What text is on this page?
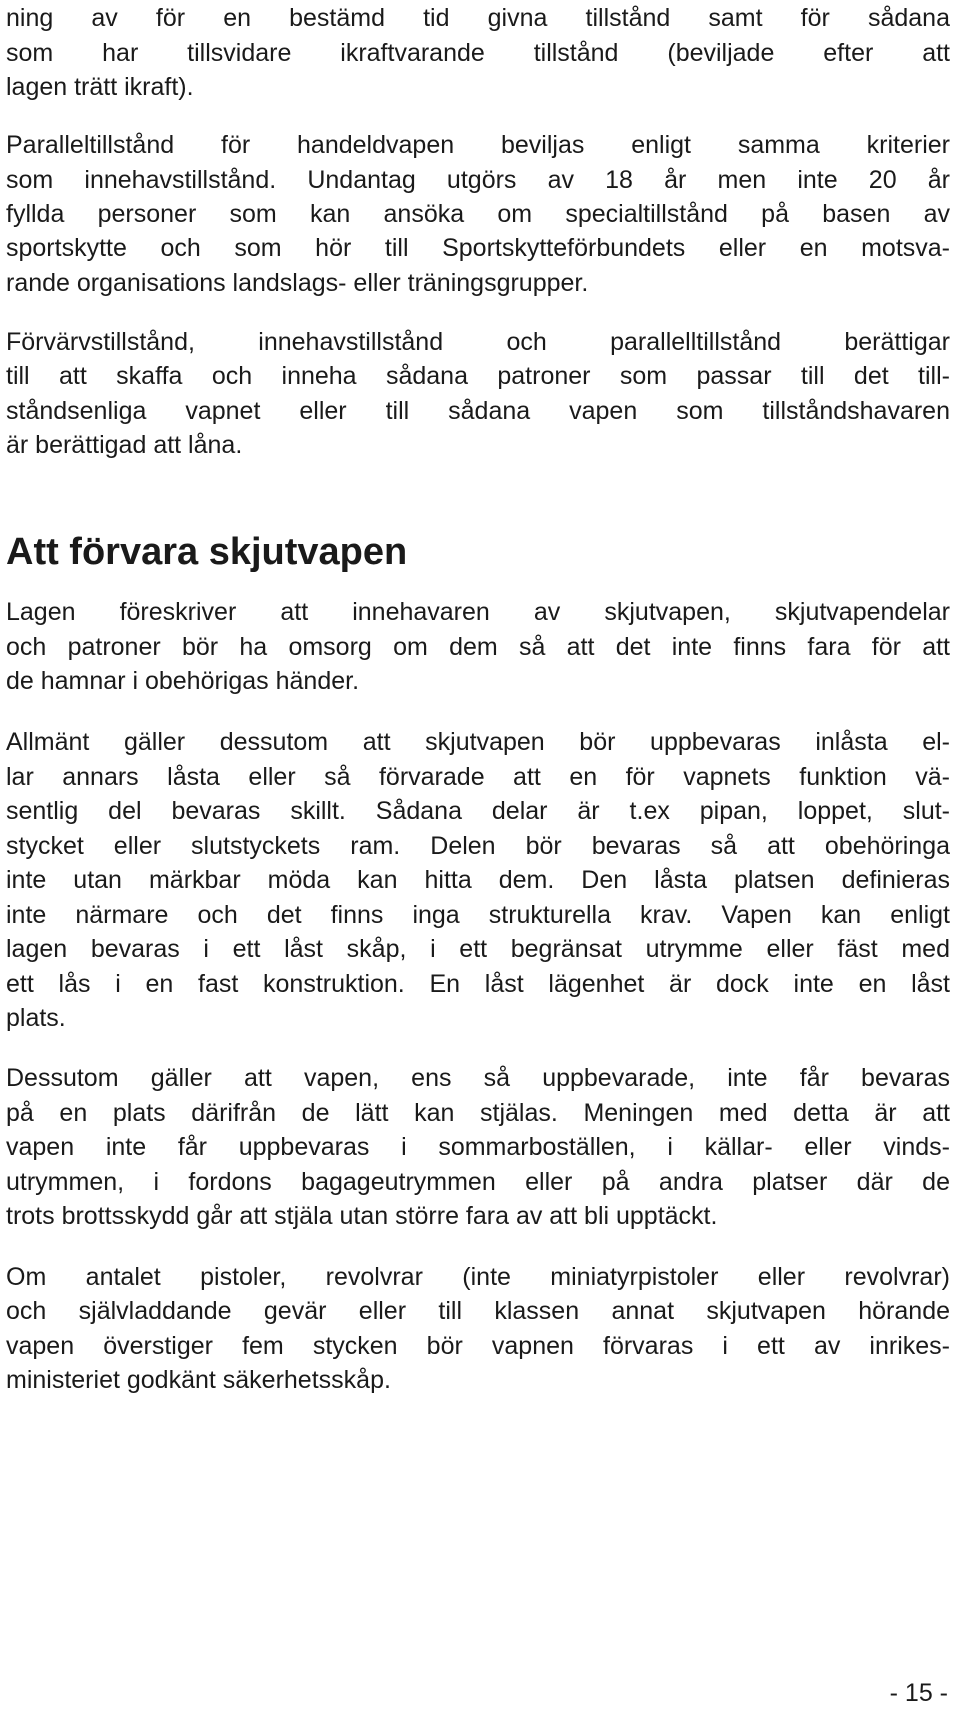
ning av för en bestämd tid givna tillstånd samt för sådana
som har tillsvidare ikraftvarande tillstånd (beviljade efter att
lagen trätt ikraft).
Paralleltillstånd för handeldvapen beviljas enligt samma kriterier
som innehavstillstånd. Undantag utgörs av 18 år men inte 20 år
fyllda personer som kan ansöka om specialtillstånd på basen av
sportskytte och som hör till Sportskytteförbundets eller en motsva-
rande organisations landslags- eller träningsgrupper.
Förvärvstillstånd, innehavstillstånd och parallelltillstånd berättigar
till att skaffa och inneha sådana patroner som passar till det till-
ståndsenliga vapnet eller till sådana vapen som tillståndshavaren
är berättigad att låna.
Att förvara skjutvapen
Lagen föreskriver att innehavaren av skjutvapen, skjutvapendelar
och patroner bör ha omsorg om dem så att det inte finns fara för att
de hamnar i obehörigas händer.
Allmänt gäller dessutom att skjutvapen bör uppbevaras inlåsta el-
lar annars låsta eller så förvarade att en för vapnets funktion vä-
sentlig del bevaras skillt. Sådana delar är t.ex pipan, loppet, slut-
stycket eller slutstyckets ram. Delen bör bevaras så att obehöringa
inte utan märkbar möda kan hitta dem. Den låsta platsen definieras
inte närmare och det finns inga strukturella krav. Vapen kan enligt
lagen bevaras i ett låst skåp, i ett begränsat utrymme eller fäst med
ett lås i en fast konstruktion. En låst lägenhet är dock inte en låst
plats.
Dessutom gäller att vapen, ens så uppbevarade, inte får bevaras
på en plats därifrån de lätt kan stjälas. Meningen med detta är att
vapen inte får uppbevaras i sommarboställen, i källar- eller vinds-
utrymmen, i fordons bagageutrymmen eller på andra platser där de
trots brottsskydd går att stjäla utan större fara av att bli upptäckt.
Om antalet pistoler, revolvrar (inte miniatyrpistoler eller revolvrar)
och självladdande gevär eller till klassen annat skjutvapen hörande
vapen överstiger fem stycken bör vapnen förvaras i ett av inrikes-
ministeriet godkänt säkerhetsskåp.
- 15 -
